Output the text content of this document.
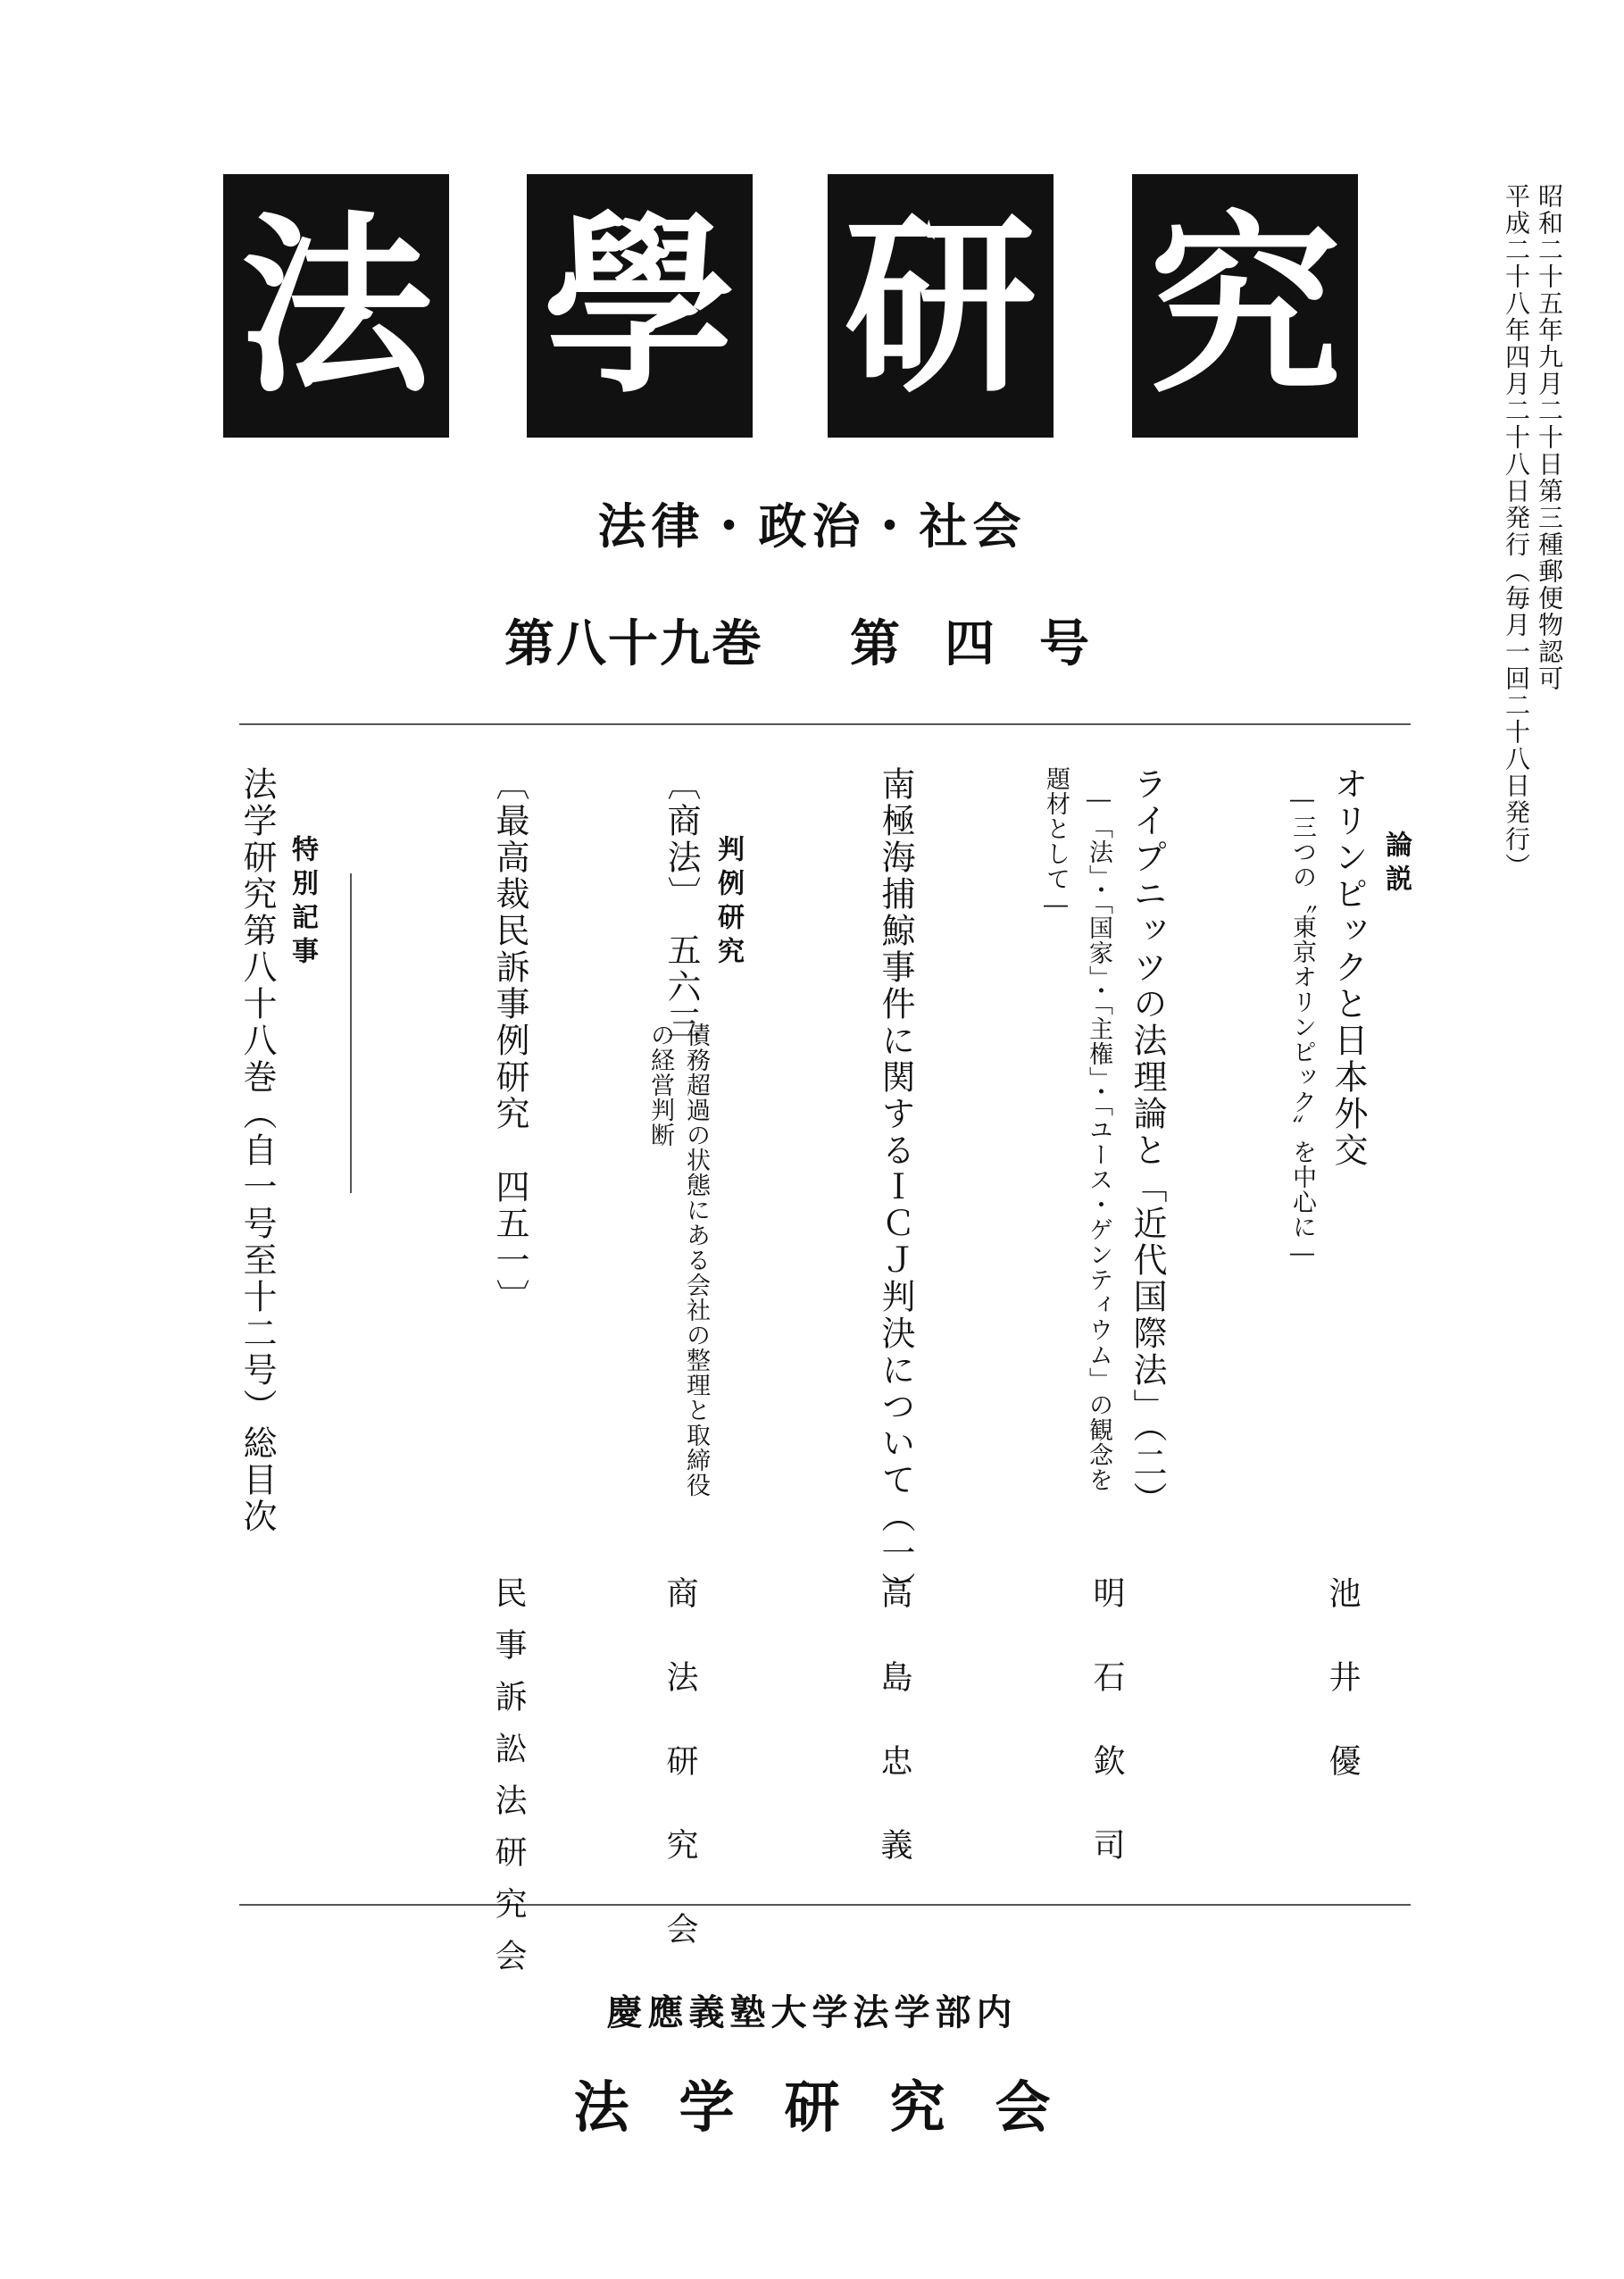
法 學 研 究	昭和二十五年九月二十日第三種郵便物認可
平成二十八年四月二十八日発行（毎月一回二十八日発行）
法律・政治・社会
第八十九巻 第四号
論説
オリンピックと日本外交
―三つの〝東京オリンピック〟を中心に―
池井優
ライプニッツの法理論と「近代国際法」（二）
―「法」・「国家」・「主権」・「ユース・ゲンティウム」の観念を
題材として―
明石欽司
南極海捕鯨事件に関するＩＣＪ判決について（一）
高島忠義
判例研究
〔商法〕　五六三
債務超過の状態にある会社の整理と取締役
の経営判断
商法研究会
〔最高裁民訴事例研究　四五一〕
民事訴訟法研究会
特別記事
法学研究第八十八巻（自一号至十二号）総目次
慶應義塾大学法学部内
法学研究会
